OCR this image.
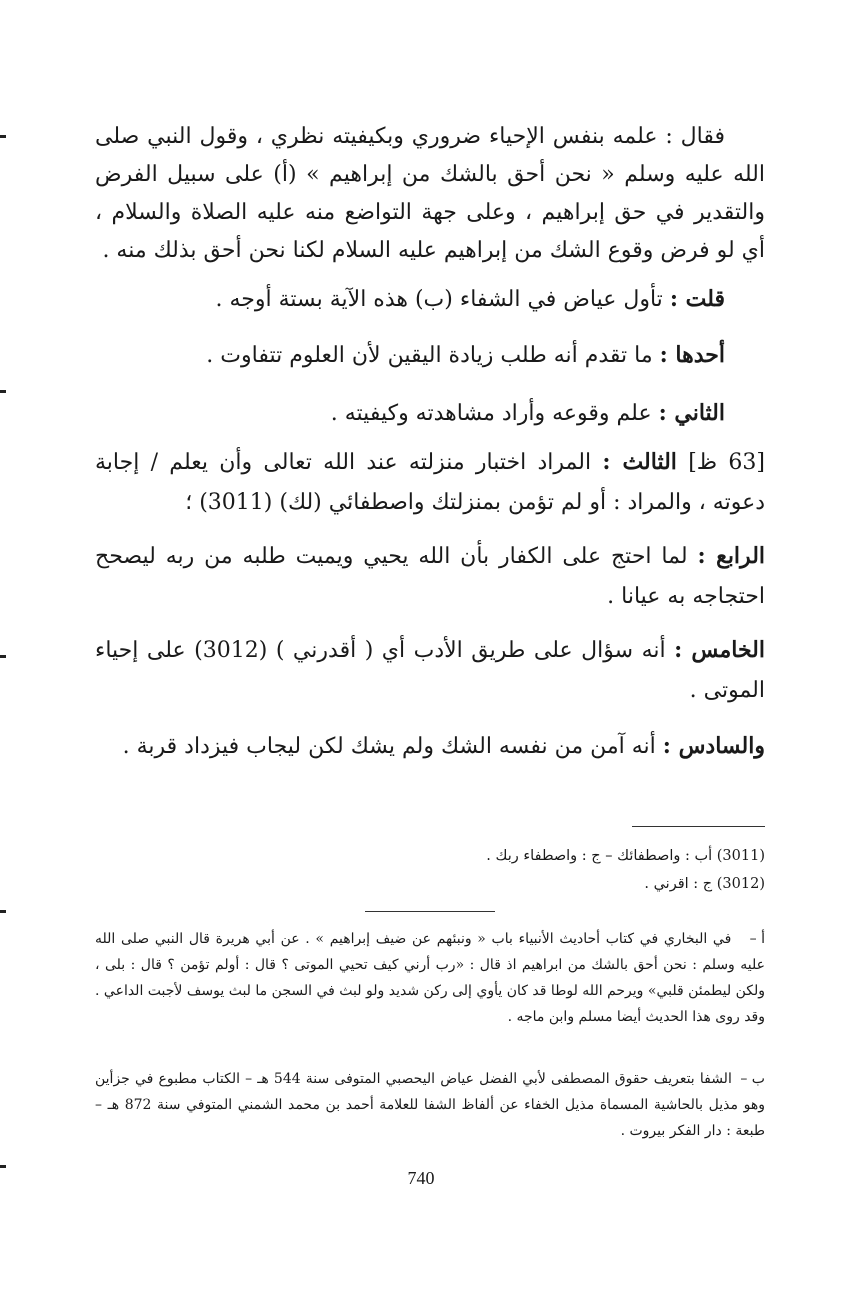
فقال : علمه بنفس الإحياء ضروري وبكيفيته نظري ، وقول النبي صلى الله عليه وسلم « نحن أحق بالشك من إبراهيم » (أ) على سبيل الفرض والتقدير في حق إبراهيم ، وعلى جهة التواضع منه عليه الصلاة والسلام ، أي لو فرض وقوع الشك من إبراهيم عليه السلام لكنا نحن أحق بذلك منه .
قلت : تأول عياض في الشفاء (ب) هذه الآية بستة أوجه .
أحدها : ما تقدم أنه طلب زيادة اليقين لأن العلوم تتفاوت .
الثاني : علم وقوعه وأراد مشاهدته وكيفيته .
[63 ظ] الثالث : المراد اختبار منزلته عند الله تعالى وأن يعلم / إجابة دعوته ، والمراد : أو لم تؤمن بمنزلتك واصطفائي (لك) (3011) ؛
الرابع : لما احتج على الكفار بأن الله يحيي ويميت طلبه من ربه ليصحح احتجاجه به عيانا .
الخامس : أنه سؤال على طريق الأدب أي ( أقدرني ) (3012) على إحياء الموتى .
والسادس : أنه آمن من نفسه الشك ولم يشك لكن ليجاب فيزداد قربة .
(3011) أب : واصطفائك – ج : واصطفاء ربك .
(3012) ج : اقرني .
أ – في البخاري في كتاب أحاديث الأنبياء باب « ونبئهم عن ضيف إبراهيم » . عن أبي هريرة قال النبي صلى الله عليه وسلم : نحن أحق بالشك من ابراهيم اذ قال : «رب أرني كيف تحيي الموتى ؟ قال : أولم تؤمن ؟ قال : بلى ، ولكن ليطمئن قلبي» ويرحم الله لوطا قد كان يأوي إلى ركن شديد ولو لبث في السجن ما لبث يوسف لأجبت الداعي . وقد روى هذا الحديث أيضا مسلم وابن ماجه .
ب – الشفا بتعريف حقوق المصطفى لأبي الفضل عياض اليحصبي المتوفى سنة 544 هـ – الكتاب مطبوع في جزأين وهو مذيل بالحاشية المسماة مذيل الخفاء عن ألفاظ الشفا للعلامة أحمد بن محمد الشمني المتوفي سنة 872 هـ – طبعة : دار الفكر بيروت .
740
